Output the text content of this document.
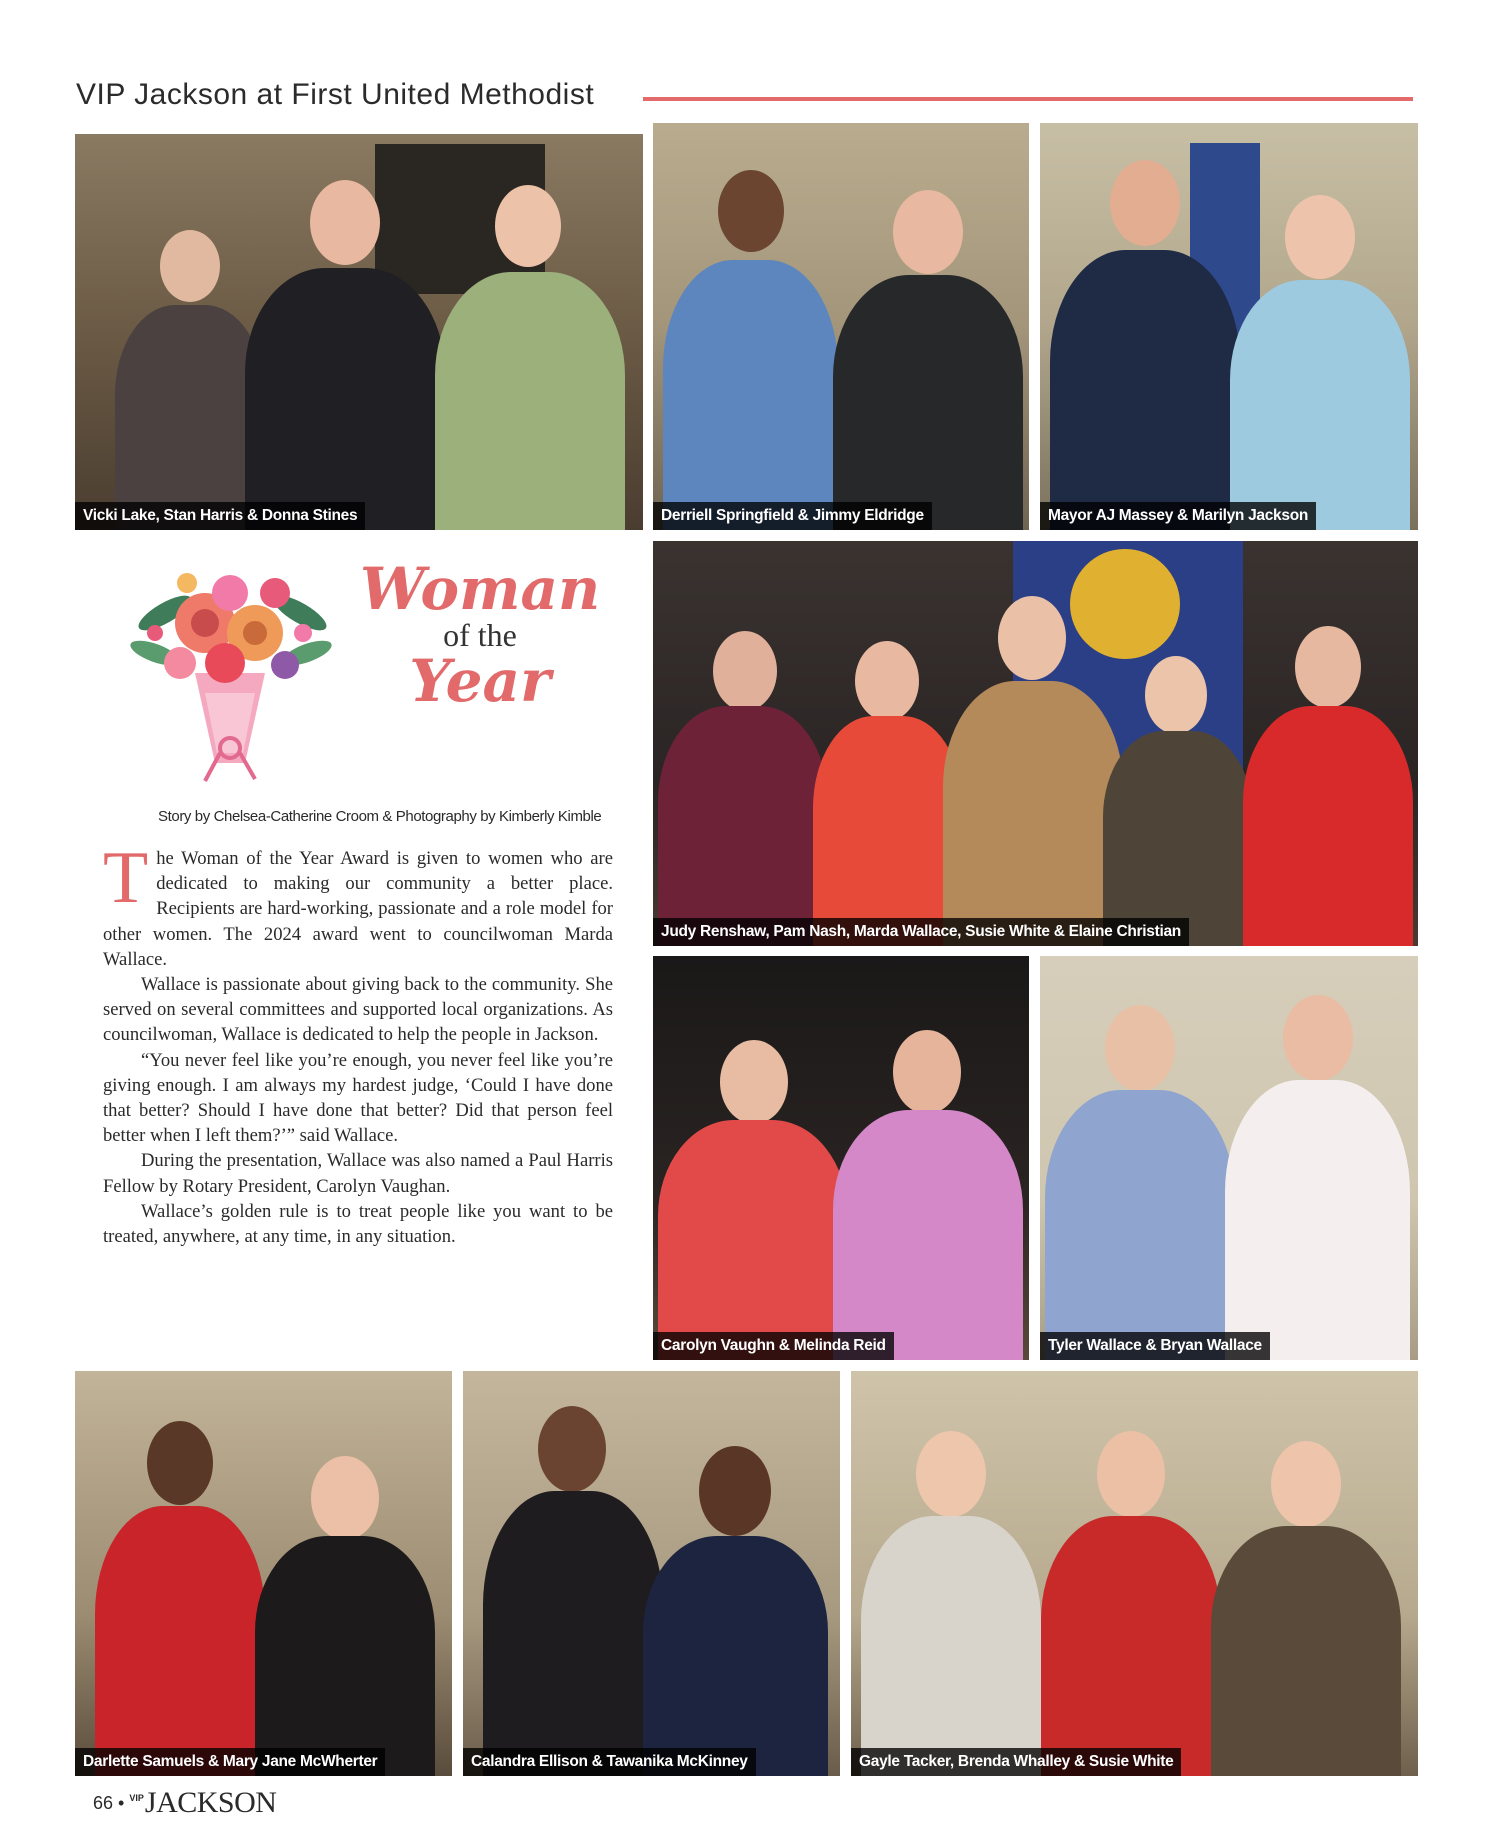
VIP Jackson at First United Methodist
Vicki Lake, Stan Harris & Donna Stines	Derriell Springfield & Jimmy Eldridge	Mayor AJ Massey & Marilyn Jackson
Woman
of the
Year
Story by Chelsea-Catherine Croom & Photography by Kimberly Kimble

The Woman of the Year Award is given to women who are dedicated to making our community a better place. Recipients are hard-working, passionate and a role model for other women. The 2024 award went to councilwoman Marda Wallace.

Wallace is passionate about giving back to the community. She served on several committees and supported local organizations. As councilwoman, Wallace is dedicated to help the people in Jackson.

“You never feel like you’re enough, you never feel like you’re giving enough. I am always my hardest judge, ‘Could I have done that better? Should I have done that better? Did that person feel better when I left them?’” said Wallace.

During the presentation, Wallace was also named a Paul Harris Fellow by Rotary President, Carolyn Vaughan.

Wallace’s golden rule is to treat people like you want to be treated, anywhere, at any time, in any situation.

Judy Renshaw, Pam Nash, Marda Wallace, Susie White & Elaine Christian
Carolyn Vaughn & Melinda Reid	Tyler Wallace & Bryan Wallace
Darlette Samuels & Mary Jane McWherter	Calandra Ellison & Tawanika McKinney	Gayle Tacker, Brenda Whalley & Susie White
66 • $^{VIP}$JACKSON
